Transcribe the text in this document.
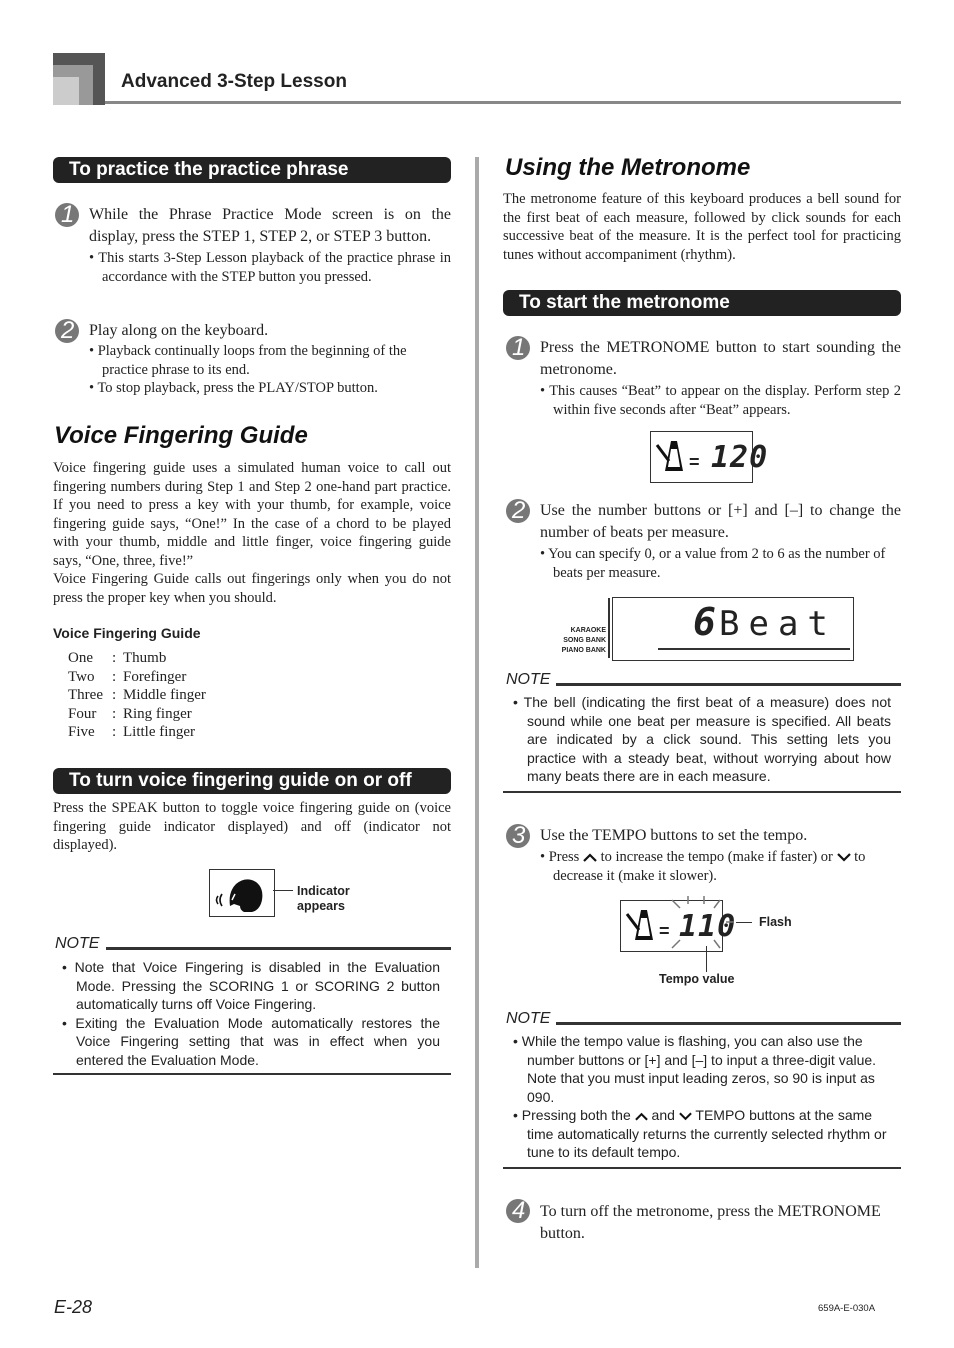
Advanced 3-Step Lesson
To practice the practice phrase
1 While the Phrase Practice Mode screen is on the display, press the STEP 1, STEP 2, or STEP 3 button.
• This starts 3-Step Lesson playback of the practice phrase in accordance with the STEP button you pressed.
2 Play along on the keyboard.
• Playback continually loops from the beginning of the practice phrase to its end.
• To stop playback, press the PLAY/STOP button.
Voice Fingering Guide
Voice fingering guide uses a simulated human voice to call out fingering numbers during Step 1 and Step 2 one-hand part practice. If you need to press a key with your thumb, for example, voice fingering guide says, “One!” In the case of a chord to be played with your thumb, middle and little finger, voice fingering guide says, “One, three, five!”
Voice Fingering Guide calls out fingerings only when you do not press the proper key when you should.
Voice Fingering Guide
One : Thumb
Two : Forefinger
Three : Middle finger
Four : Ring finger
Five : Little finger
To turn voice fingering guide on or off
Press the SPEAK button to toggle voice fingering guide on (voice fingering guide indicator displayed) and off (indicator not displayed).
Indicator
appears
NOTE
• Note that Voice Fingering is disabled in the Evaluation Mode. Pressing the SCORING 1 or SCORING 2 button automatically turns off Voice Fingering.
• Exiting the Evaluation Mode automatically restores the Voice Fingering setting that was in effect when you entered the Evaluation Mode.
Using the Metronome
The metronome feature of this keyboard produces a bell sound for the first beat of each measure, followed by click sounds for each successive beat of the measure. It is the perfect tool for practicing tunes without accompaniment (rhythm).
To start the metronome
1 Press the METRONOME button to start sounding the metronome.
• This causes “Beat” to appear on the display. Perform step 2 within five seconds after “Beat” appears.
= 120
2 Use the number buttons or [+] and [–] to change the number of beats per measure.
• You can specify 0, or a value from 2 to 6 as the number of beats per measure.
KARAOKE
SONG BANK
PIANO BANK
6 Beat
NOTE
• The bell (indicating the first beat of a measure) does not sound while one beat per measure is specified. All beats are indicated by a click sound. This setting lets you practice with a steady beat, without worrying about how many beats there are in each measure.
3 Use the TEMPO buttons to set the tempo.
• Press to increase the tempo (make if faster) or to decrease it (make it slower).
= 110 Flash
Tempo value
NOTE
• While the tempo value is flashing, you can also use the number buttons or [+] and [–] to input a three-digit value. Note that you must input leading zeros, so 90 is input as 090.
• Pressing both the and TEMPO buttons at the same time automatically returns the currently selected rhythm or tune to its default tempo.
4 To turn off the metronome, press the METRONOME button.
E-28	659A-E-030A
